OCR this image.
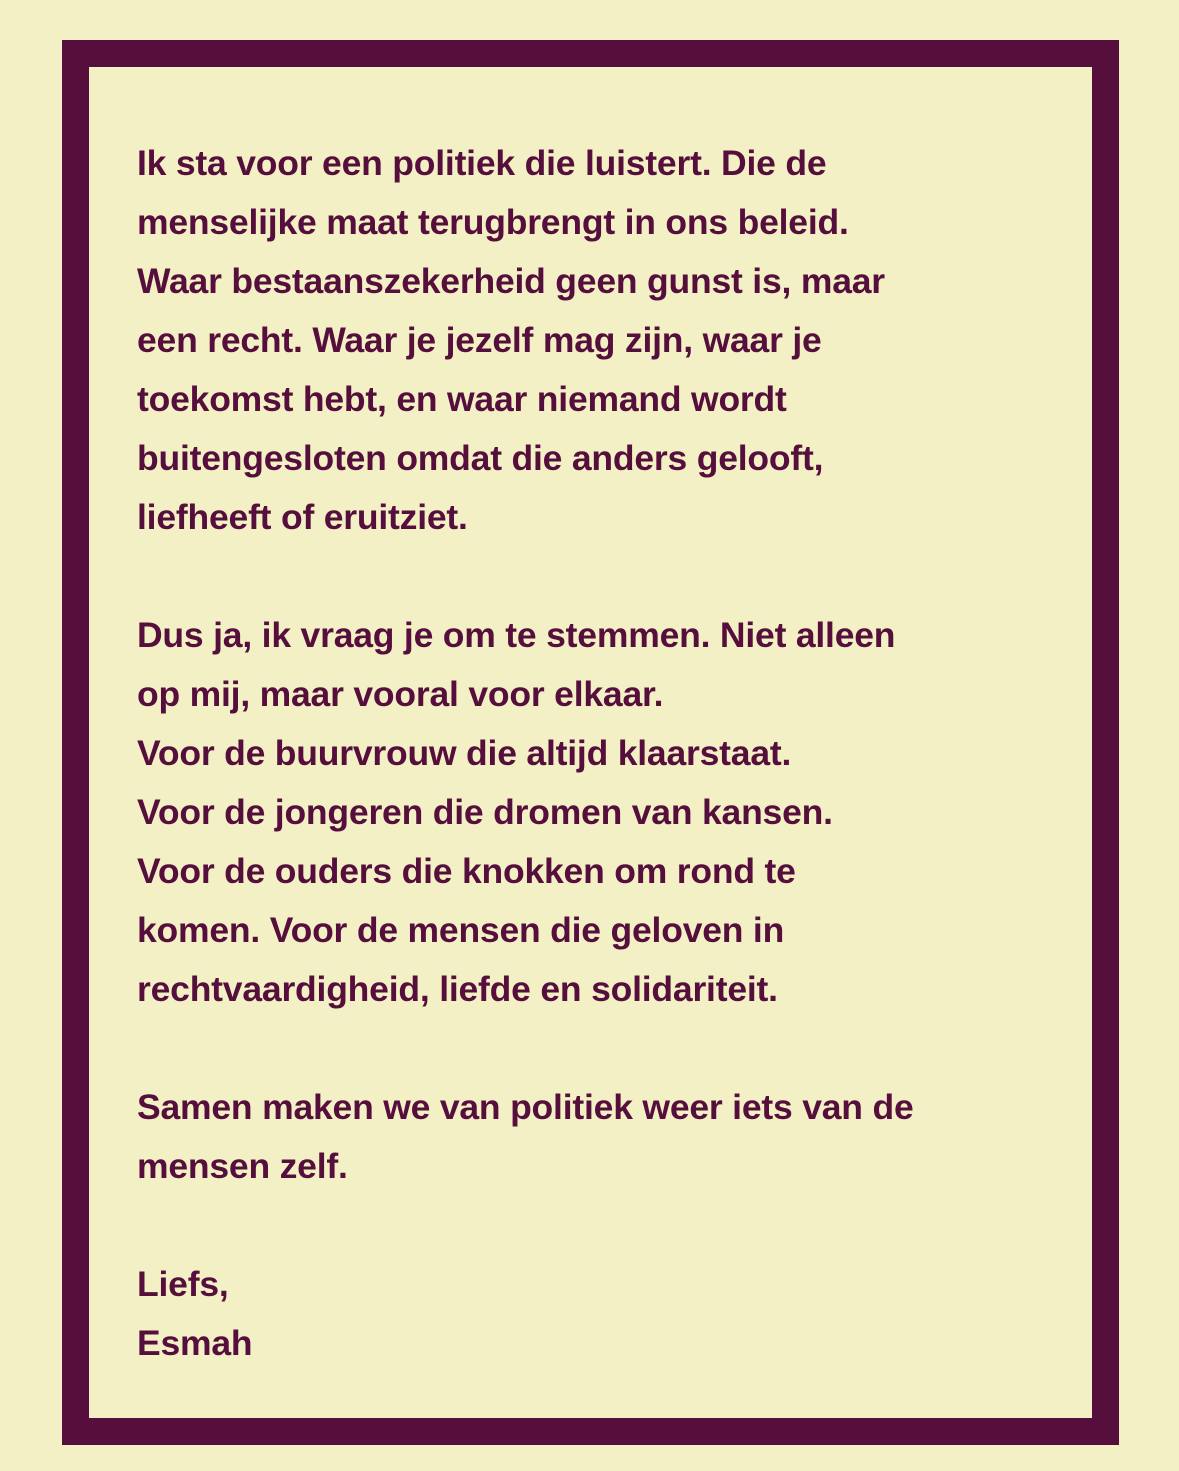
Ik sta voor een politiek die luistert. Die de
menselijke maat terugbrengt in ons beleid.
Waar bestaanszekerheid geen gunst is, maar
een recht. Waar je jezelf mag zijn, waar je
toekomst hebt, en waar niemand wordt
buitengesloten omdat die anders gelooft,
liefheeft of eruitziet.

Dus ja, ik vraag je om te stemmen. Niet alleen
op mij, maar vooral voor elkaar.
Voor de buurvrouw die altijd klaarstaat.
Voor de jongeren die dromen van kansen.
Voor de ouders die knokken om rond te
komen. Voor de mensen die geloven in
rechtvaardigheid, liefde en solidariteit.

Samen maken we van politiek weer iets van de
mensen zelf.

Liefs,
Esmah
